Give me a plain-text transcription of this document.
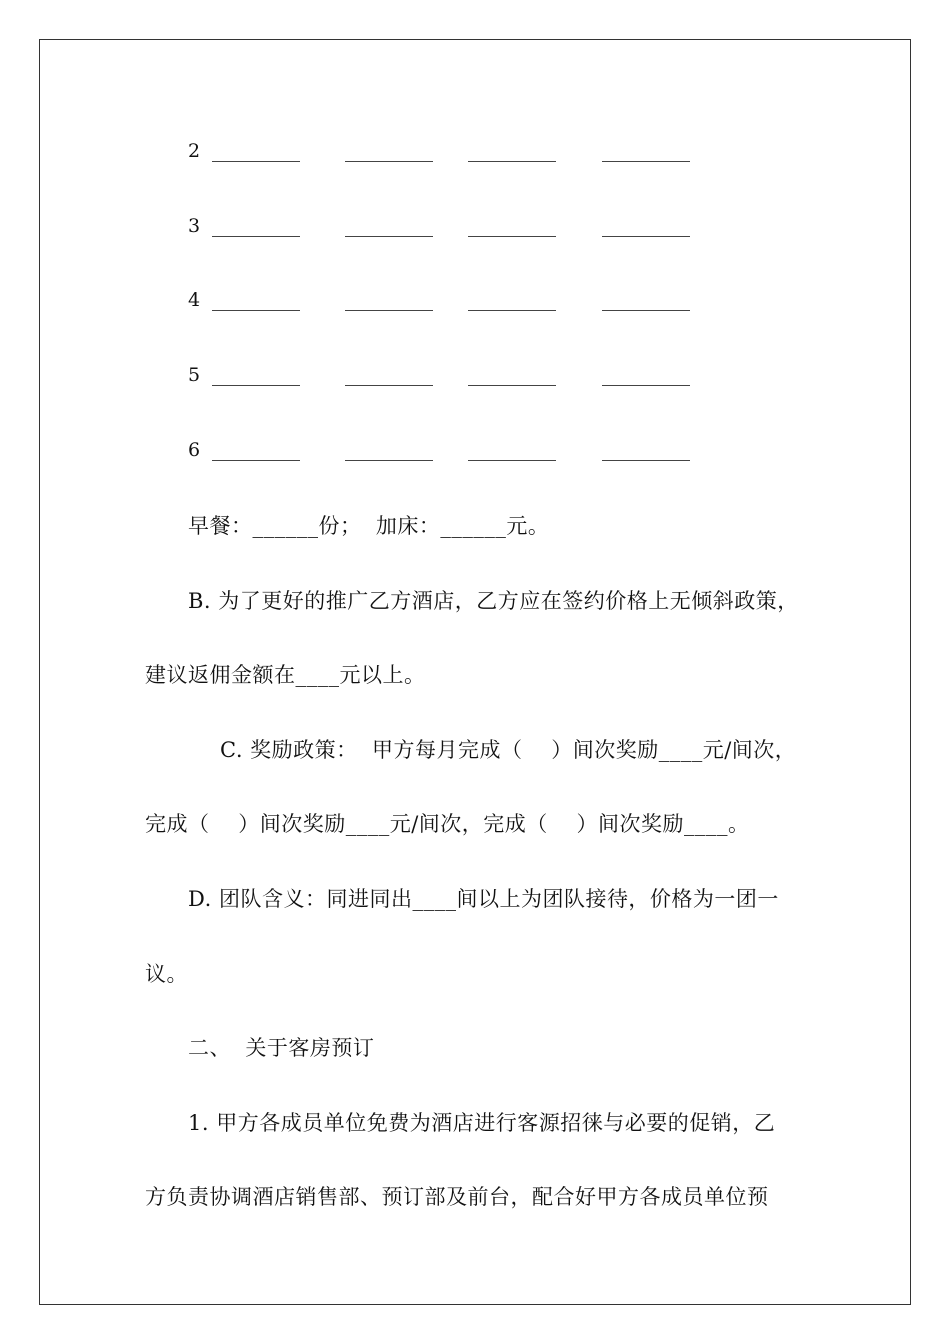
2
3
4
5
6
早餐：______份；  加床：______元。
B. 为了更好的推广乙方酒店，乙方应在签约价格上无倾斜政策，
建议返佣金额在____元以上。
C. 奖励政策：  甲方每月完成（    ）间次奖励____元/间次，
完成（    ）间次奖励____元/间次，完成（    ）间次奖励____。
D. 团队含义：同进同出____间以上为团队接待，价格为一团一
议。
二、  关于客房预订
1. 甲方各成员单位免费为酒店进行客源招徕与必要的促销，乙
方负责协调酒店销售部、预订部及前台，配合好甲方各成员单位预
